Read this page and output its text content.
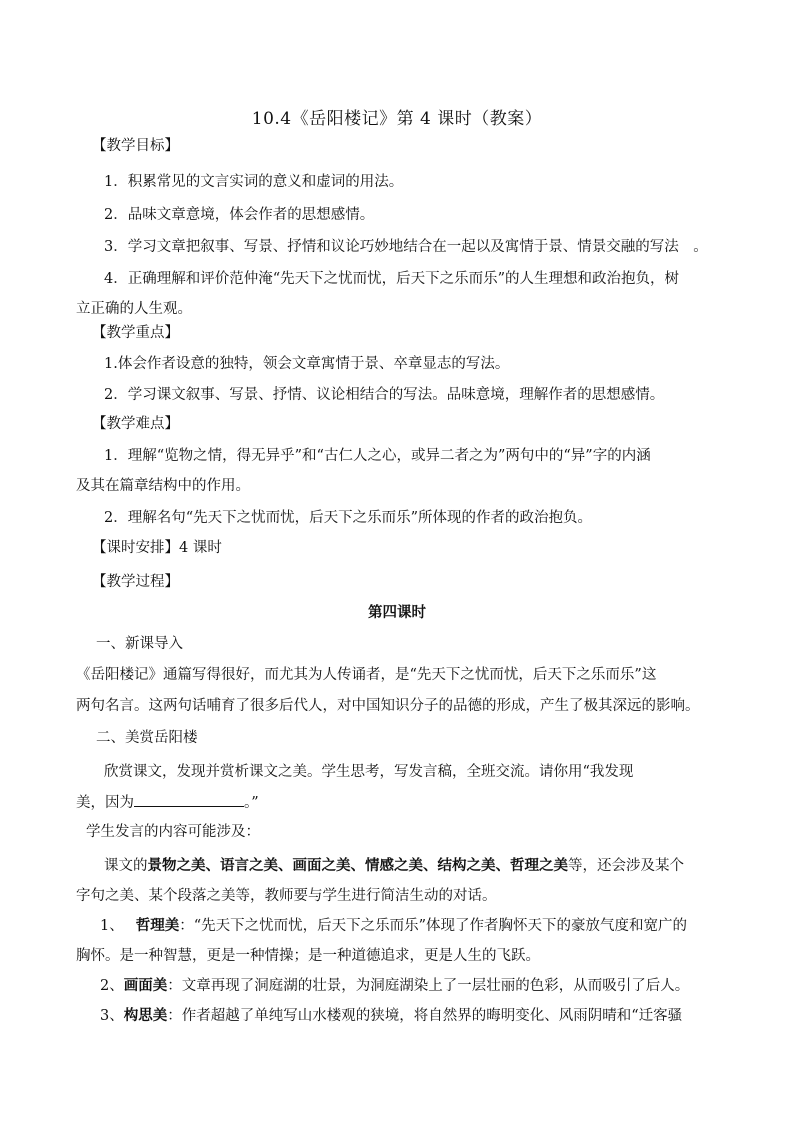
10.4《岳阳楼记》第 4 课时（教案）
【教学目标】
1．积累常见的文言实词的意义和虚词的用法。
2．品味文章意境，体会作者的思想感情。
3．学习文章把叙事、写景、抒情和议论巧妙地结合在一起以及寓情于景、情景交融的写法　。
4．正确理解和评价范仲淹“先天下之忧而忧，后天下之乐而乐”的人生理想和政治抱负，树
立正确的人生观。
【教学重点】
1.体会作者设意的独特，领会文章寓情于景、卒章显志的写法。
2．学习课文叙事、写景、抒情、议论相结合的写法。品味意境，理解作者的思想感情。
【教学难点】
1．理解“览物之情，得无异乎”和“古仁人之心，或异二者之为”两句中的“异”字的内涵
及其在篇章结构中的作用。
2．理解名句“先天下之忧而忧，后天下之乐而乐”所体现的作者的政治抱负。
【课时安排】4 课时
【教学过程】
第四课时
一、新课导入
《岳阳楼记》通篇写得很好，而尤其为人传诵者，是“先天下之忧而忧，后天下之乐而乐”这
两句名言。这两句话哺育了很多后代人，对中国知识分子的品德的形成，产生了极其深远的影响。
二、美赏岳阳楼
欣赏课文，发现并赏析课文之美。学生思考，写发言稿，全班交流。请你用“我发现
美，因为	。”
学生发言的内容可能涉及：
课文的景物之美、语言之美、画面之美、情感之美、结构之美、哲理之美等，还会涉及某个
字句之美、某个段落之美等，教师要与学生进行简洁生动的对话。
1、 哲理美：“先天下之忧而忧，后天下之乐而乐”体现了作者胸怀天下的豪放气度和宽广的
胸怀。是一种智慧，更是一种情操；是一种道德追求，更是人生的飞跃。
2、画面美：文章再现了洞庭湖的壮景，为洞庭湖染上了一层壮丽的色彩，从而吸引了后人。
3、构思美：作者超越了单纯写山水楼观的狭境，将自然界的晦明变化、风雨阴晴和“迁客骚
